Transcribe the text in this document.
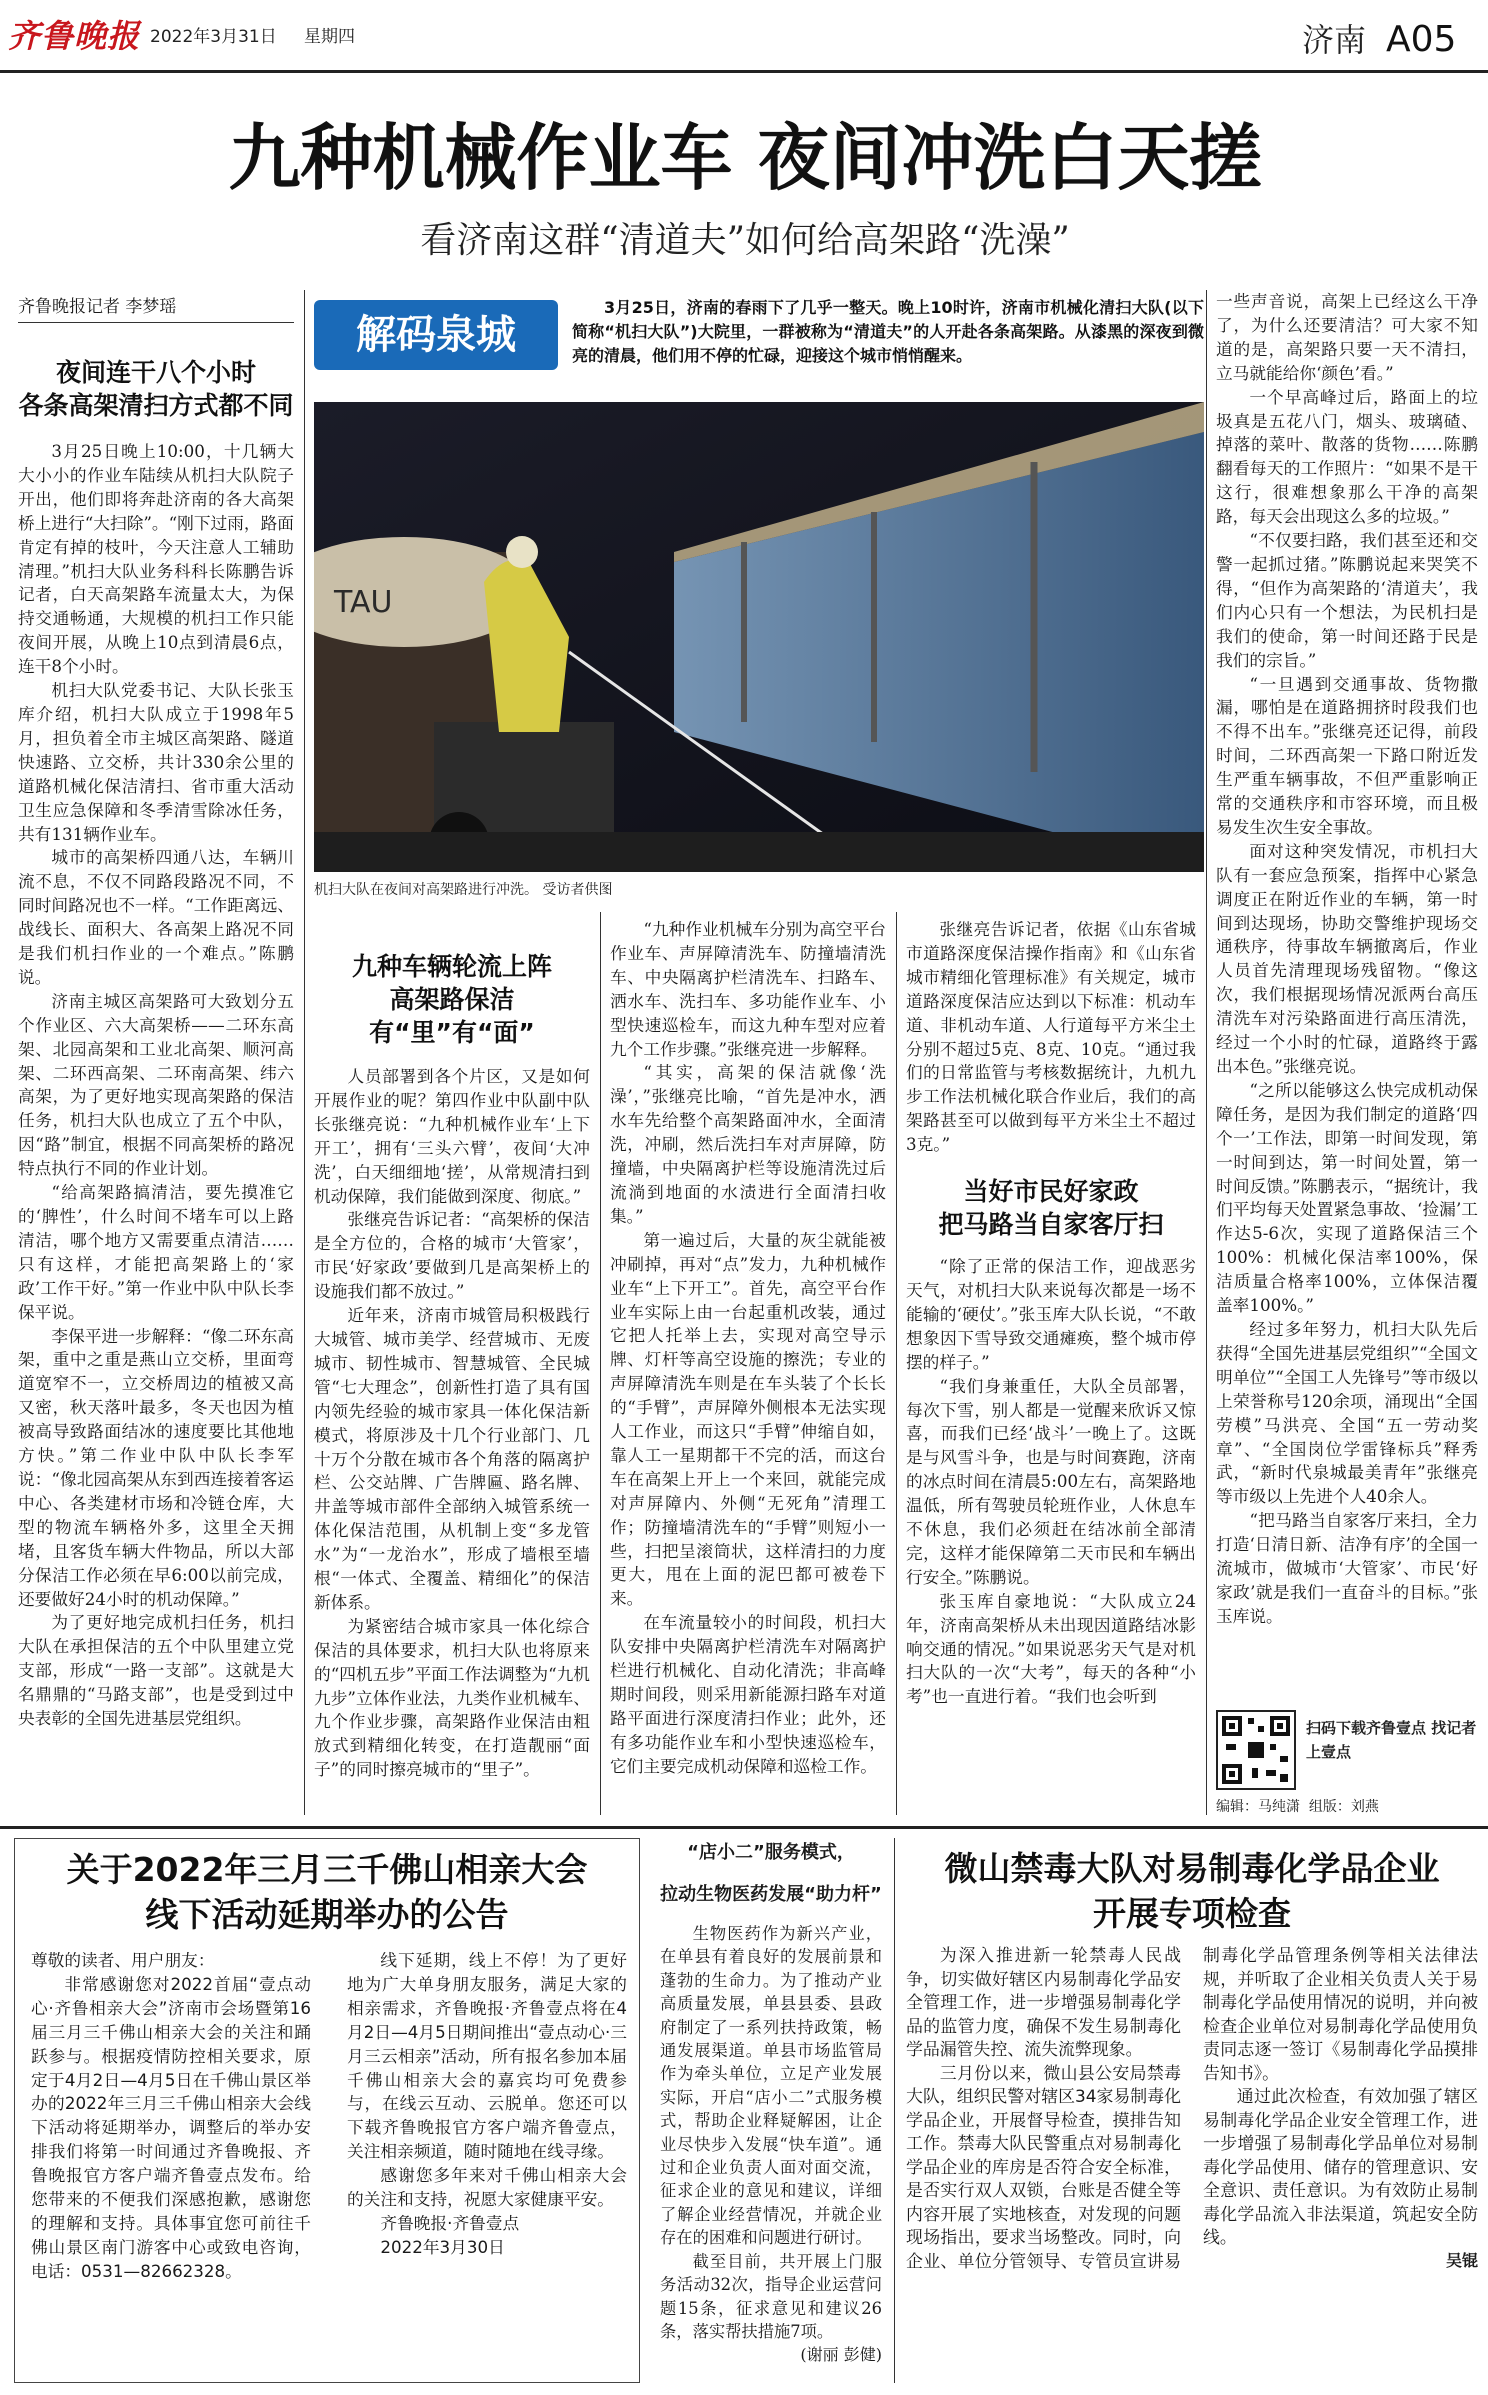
齐鲁晚报 2022年3月31日	星期四	济南 A05
九种机械作业车 夜间冲洗白天搓
看济南这群“清道夫”如何给高架路“洗澡”
齐鲁晚报记者 李梦瑶
夜间连干八个小时
各条高架清扫方式都不同

3月25日晚上10:00，十几辆大大小小的作业车陆续从机扫大队院子开出，他们即将奔赴济南的各大高架桥上进行“大扫除”。“刚下过雨，路面肯定有掉的枝叶，今天注意人工辅助清理。”机扫大队业务科科长陈鹏告诉记者，白天高架路车流量太大，为保持交通畅通，大规模的机扫工作只能夜间开展，从晚上10点到清晨6点，连干8个小时。

机扫大队党委书记、大队长张玉库介绍，机扫大队成立于1998年5月，担负着全市主城区高架路、隧道快速路、立交桥，共计330余公里的道路机械化保洁清扫、省市重大活动卫生应急保障和冬季清雪除冰任务，共有131辆作业车。

城市的高架桥四通八达，车辆川流不息，不仅不同路段路况不同，不同时间路况也不一样。“工作距离远、战线长、面积大、各高架上路况不同是我们机扫作业的一个难点。”陈鹏说。

济南主城区高架路可大致划分五个作业区、六大高架桥——二环东高架、北园高架和工业北高架、顺河高架、二环西高架、二环南高架、纬六高架，为了更好地实现高架路的保洁任务，机扫大队也成立了五个中队，因“路”制宜，根据不同高架桥的路况特点执行不同的作业计划。

“给高架路搞清洁，要先摸准它的‘脾性’，什么时间不堵车可以上路清洁，哪个地方又需要重点清洁……只有这样，才能把高架路上的‘家政’工作干好。”第一作业中队中队长李保平说。

李保平进一步解释：“像二环东高架，重中之重是燕山立交桥，里面弯道宽窄不一，立交桥周边的植被又高又密，秋天落叶最多，冬天也因为植被高导致路面结冰的速度要比其他地方快。”第二作业中队中队长李军说：“像北园高架从东到西连接着客运中心、各类建材市场和冷链仓库，大型的物流车辆格外多，这里全天拥堵，且客货车辆大件物品，所以大部分保洁工作必须在早6:00以前完成，还要做好24小时的机动保障。”

为了更好地完成机扫任务，机扫大队在承担保洁的五个中队里建立党支部，形成“一路一支部”。这就是大名鼎鼎的“马路支部”，也是受到过中央表彰的全国先进基层党组织。

解码泉城
3月25日，济南的春雨下了几乎一整天。晚上10时许，济南市机械化清扫大队(以下简称“机扫大队”)大院里，一群被称为“清道夫”的人开赴各条高架路。从漆黑的深夜到微亮的清晨，他们用不停的忙碌，迎接这个城市悄悄醒来。
TAU
机扫大队在夜间对高架路进行冲洗。 受访者供图
九种车辆轮流上阵
高架路保洁有“里”有“面”

人员部署到各个片区，又是如何开展作业的呢？第四作业中队副中队长张继亮说：“九种机械作业车‘上下开工’，拥有‘三头六臂’，夜间‘大冲洗’，白天细细地‘搓’，从常规清扫到机动保障，我们能做到深度、彻底。”

张继亮告诉记者：“高架桥的保洁是全方位的，合格的城市‘大管家’，市民‘好家政’要做到几是高架桥上的设施我们都不放过。”

近年来，济南市城管局积极践行大城管、城市美学、经营城市、无废城市、韧性城市、智慧城管、全民城管“七大理念”，创新性打造了具有国内领先经验的城市家具一体化保洁新模式，将原涉及十几个行业部门、几十万个分散在城市各个角落的隔离护栏、公交站牌、广告牌匾、路名牌、井盖等城市部件全部纳入城管系统一体化保洁范围，从机制上变“多龙管水”为“一龙治水”，形成了墙根至墙根“一体式、全覆盖、精细化”的保洁新体系。

为紧密结合城市家具一体化综合保洁的具体要求，机扫大队也将原来的“四机五步”平面工作法调整为“九机九步”立体作业法，九类作业机械车、九个作业步骤，高架路作业保洁由粗放式到精细化转变，在打造靓丽“面子”的同时擦亮城市的“里子”。

“九种作业机械车分别为高空平台作业车、声屏障清洗车、防撞墙清洗车、中央隔离护栏清洗车、扫路车、洒水车、洗扫车、多功能作业车、小型快速巡检车，而这九种车型对应着九个工作步骤。”张继亮进一步解释。

“其实，高架的保洁就像‘洗澡’，”张继亮比喻，“首先是冲水，洒水车先给整个高架路面冲水，全面清洗，冲刷，然后洗扫车对声屏障，防撞墙，中央隔离护栏等设施清洗过后流淌到地面的水渍进行全面清扫收集。”

第一遍过后，大量的灰尘就能被冲刷掉，再对“点”发力，九种机械作业车“上下开工”。首先，高空平台作业车实际上由一台起重机改装，通过它把人托举上去，实现对高空导示牌、灯杆等高空设施的擦洗；专业的声屏障清洗车则是在车头装了个长长的“手臂”，声屏障外侧根本无法实现人工作业，而这只“手臂”伸缩自如，靠人工一星期都干不完的活，而这台车在高架上开上一个来回，就能完成对声屏障内、外侧“无死角”清理工作；防撞墙清洗车的“手臂”则短小一些，扫把呈滚筒状，这样清扫的力度更大，甩在上面的泥巴都可被卷下来。

在车流量较小的时间段，机扫大队安排中央隔离护栏清洗车对隔离护栏进行机械化、自动化清洗；非高峰期时间段，则采用新能源扫路车对道路平面进行深度清扫作业；此外，还有多功能作业车和小型快速巡检车，它们主要完成机动保障和巡检工作。

张继亮告诉记者，依据《山东省城市道路深度保洁操作指南》和《山东省城市精细化管理标准》有关规定，城市道路深度保洁应达到以下标准：机动车道、非机动车道、人行道每平方米尘土分别不超过5克、8克、10克。“通过我们的日常监管与考核数据统计，九机九步工作法机械化联合作业后，我们的高架路甚至可以做到每平方米尘土不超过3克。”

当好市民好家政
把马路当自家客厅扫

“除了正常的保洁工作，迎战恶劣天气，对机扫大队来说每次都是一场不能输的‘硬仗’。”张玉库大队长说，“不敢想象因下雪导致交通瘫痪，整个城市停摆的样子。”

“我们身兼重任，大队全员部署，每次下雪，别人都是一觉醒来欣诉又惊喜，而我们已经‘战斗’一晚上了。这既是与风雪斗争，也是与时间赛跑，济南的冰点时间在清晨5:00左右，高架路地温低，所有驾驶员轮班作业，人休息车不休息，我们必须赶在结冰前全部清完，这样才能保障第二天市民和车辆出行安全。”陈鹏说。

张玉库自豪地说：“大队成立24年，济南高架桥从未出现因道路结冰影响交通的情况。”如果说恶劣天气是对机扫大队的一次“大考”，每天的各种“小考”也一直进行着。“我们也会听到

一些声音说，高架上已经这么干净了，为什么还要清洁？可大家不知道的是，高架路只要一天不清扫，立马就能给你‘颜色’看。”

一个早高峰过后，路面上的垃圾真是五花八门，烟头、玻璃碴、掉落的菜叶、散落的货物……陈鹏翻看每天的工作照片：“如果不是干这行，很难想象那么干净的高架路，每天会出现这么多的垃圾。”

“不仅要扫路，我们甚至还和交警一起抓过猪。”陈鹏说起来哭笑不得，“但作为高架路的‘清道夫’，我们内心只有一个想法，为民机扫是我们的使命，第一时间还路于民是我们的宗旨。”

“一旦遇到交通事故、货物撒漏，哪怕是在道路拥挤时段我们也不得不出车。”张继亮还记得，前段时间，二环西高架一下路口附近发生严重车辆事故，不但严重影响正常的交通秩序和市容环境，而且极易发生次生安全事故。

面对这种突发情况，市机扫大队有一套应急预案，指挥中心紧急调度正在附近作业的车辆，第一时间到达现场，协助交警维护现场交通秩序，待事故车辆撤离后，作业人员首先清理现场残留物。“像这次，我们根据现场情况派两台高压清洗车对污染路面进行高压清洗，经过一个小时的忙碌，道路终于露出本色。”张继亮说。

“之所以能够这么快完成机动保障任务，是因为我们制定的道路‘四个一’工作法，即第一时间发现，第一时间到达，第一时间处置，第一时间反馈。”陈鹏表示，“据统计，我们平均每天处置紧急事故、‘捡漏’工作达5-6次，实现了道路保洁三个100%：机械化保洁率100%，保洁质量合格率100%，立体保洁覆盖率100%。”

经过多年努力，机扫大队先后获得“全国先进基层党组织”“全国文明单位”“全国工人先锋号”等市级以上荣誉称号120余项，涌现出“全国劳模”马洪亮、全国“五一劳动奖章”、“全国岗位学雷锋标兵”释秀武，“新时代泉城最美青年”张继亮等市级以上先进个人40余人。

“把马路当自家客厅来扫，全力打造‘日清日新、洁净有序’的全国一流城市，做城市‘大管家’、市民‘好家政’就是我们一直奋斗的目标。”张玉库说。

扫码下载齐鲁壹点 找记者 上壹点
编辑：马纯潇  组版：刘燕
关于2022年三月三千佛山相亲大会
线下活动延期举办的公告

尊敬的读者、用户朋友：

非常感谢您对2022首届“壹点动心·齐鲁相亲大会”济南市会场暨第16届三月三千佛山相亲大会的关注和踊跃参与。根据疫情防控相关要求，原定于4月2日—4月5日在千佛山景区举办的2022年三月三千佛山相亲大会线下活动将延期举办，调整后的举办安排我们将第一时间通过齐鲁晚报、齐鲁晚报官方客户端齐鲁壹点发布。给您带来的不便我们深感抱歉，感谢您的理解和支持。具体事宜您可前往千佛山景区南门游客中心或致电咨询，电话：0531—82662328。

线下延期，线上不停！为了更好地为广大单身朋友服务，满足大家的相亲需求，齐鲁晚报·齐鲁壹点将在4月2日—4月5日期间推出“壹点动心·三月三云相亲”活动，所有报名参加本届千佛山相亲大会的嘉宾均可免费参与，在线云互动、云脱单。您还可以下载齐鲁晚报官方客户端齐鲁壹点，关注相亲频道，随时随地在线寻缘。

感谢您多年来对千佛山相亲大会的关注和支持，祝愿大家健康平安。

齐鲁晚报·齐鲁壹点

2022年3月30日

“店小二”服务模式，
拉动生物医药发展“助力杆”

生物医药作为新兴产业，在单县有着良好的发展前景和蓬勃的生命力。为了推动产业高质量发展，单县县委、县政府制定了一系列扶持政策，畅通发展渠道。单县市场监管局作为牵头单位，立足产业发展实际，开启“店小二”式服务模式，帮助企业释疑解困，让企业尽快步入发展“快车道”。通过和企业负责人面对面交流，征求企业的意见和建议，详细了解企业经营情况，并就企业存在的困难和问题进行研讨。

截至目前，共开展上门服务活动32次，指导企业运营问题15条，征求意见和建议26条，落实帮扶措施7项。

(谢丽 彭健)
微山禁毒大队对易制毒化学品企业
开展专项检查

为深入推进新一轮禁毒人民战争，切实做好辖区内易制毒化学品安全管理工作，进一步增强易制毒化学品的监管力度，确保不发生易制毒化学品漏管失控、流失流弊现象。

三月份以来，微山县公安局禁毒大队，组织民警对辖区34家易制毒化学品企业，开展督导检查，摸排告知工作。禁毒大队民警重点对易制毒化学品企业的库房是否符合安全标准，是否实行双人双锁，台账是否健全等内容开展了实地核查，对发现的问题现场指出，要求当场整改。同时，向企业、单位分管领导、专管员宣讲易制毒化学品管理条例等相关法律法规，并听取了企业相关负责人关于易制毒化学品使用情况的说明，并向被检查企业单位对易制毒化学品使用负责同志逐一签订《易制毒化学品摸排告知书》。

通过此次检查，有效加强了辖区易制毒化学品企业安全管理工作，进一步增强了易制毒化学品单位对易制毒化学品使用、储存的管理意识、安全意识、责任意识。为有效防止易制毒化学品流入非法渠道，筑起安全防线。

吴锟
